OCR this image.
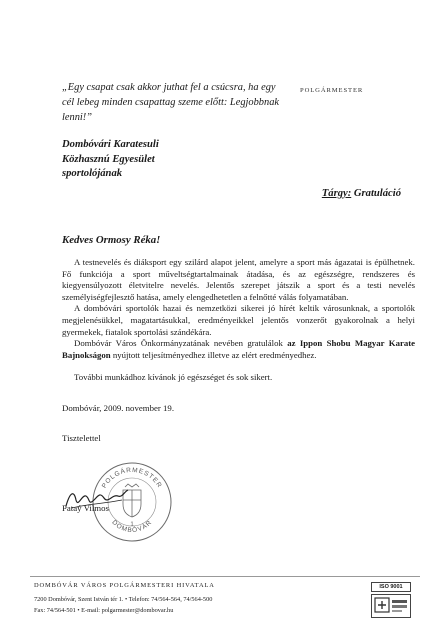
„Egy csapat csak akkor juthat fel a csúcsra, ha egy cél lebeg minden csapattag szeme előtt: Legjobbnak lenni!”
POLGÁRMESTER
Dombóvári Karatesuli
Közhasznú Egyesület
sportolójának
Tárgy: Gratuláció
Kedves Ormosy Réka!

A testnevelés és diáksport egy szilárd alapot jelent, amelyre a sport más ágazatai is épülhetnek. Fő funkciója a sport műveltségtartalmainak átadása, és az egészségre, rendszeres és kiegyensúlyozott életvitelre nevelés. Jelentős szerepet játszik a sport és a testi nevelés személyiségfejlesztő hatása, amely elengedhetetlen a felnőtté válás folyamatában.

A dombóvári sportolók hazai és nemzetközi sikerei jó hírét keltik városunknak, a sportolók megjelenésükkel, magatartásukkal, eredményeikkel jelentős vonzerőt gyakorolnak a helyi gyermekek, fiatalok sportolási szándékára.

Dombóvár Város Önkormányzatának nevében gratulálok az Ippon Shobu Magyar Karate Bajnokságon nyújtott teljesítményedhez illetve az elért eredményedhez.

További munkádhoz kívánok jó egészséget és sok sikert.

Dombóvár, 2009. november 19.
Tisztelettel
POLGÁRMESTER
DOMBÓVÁR
1
Pataý Vilmos
DOMBÓVÁR VÁROS POLGÁRMESTERI HIVATALA
7200 Dombóvár, Szent István tér 1. • Telefon: 74/564-564, 74/564-500
Fax: 74/564-501 • E-mail: polgarmester@dombovar.hu
ISO 9001
